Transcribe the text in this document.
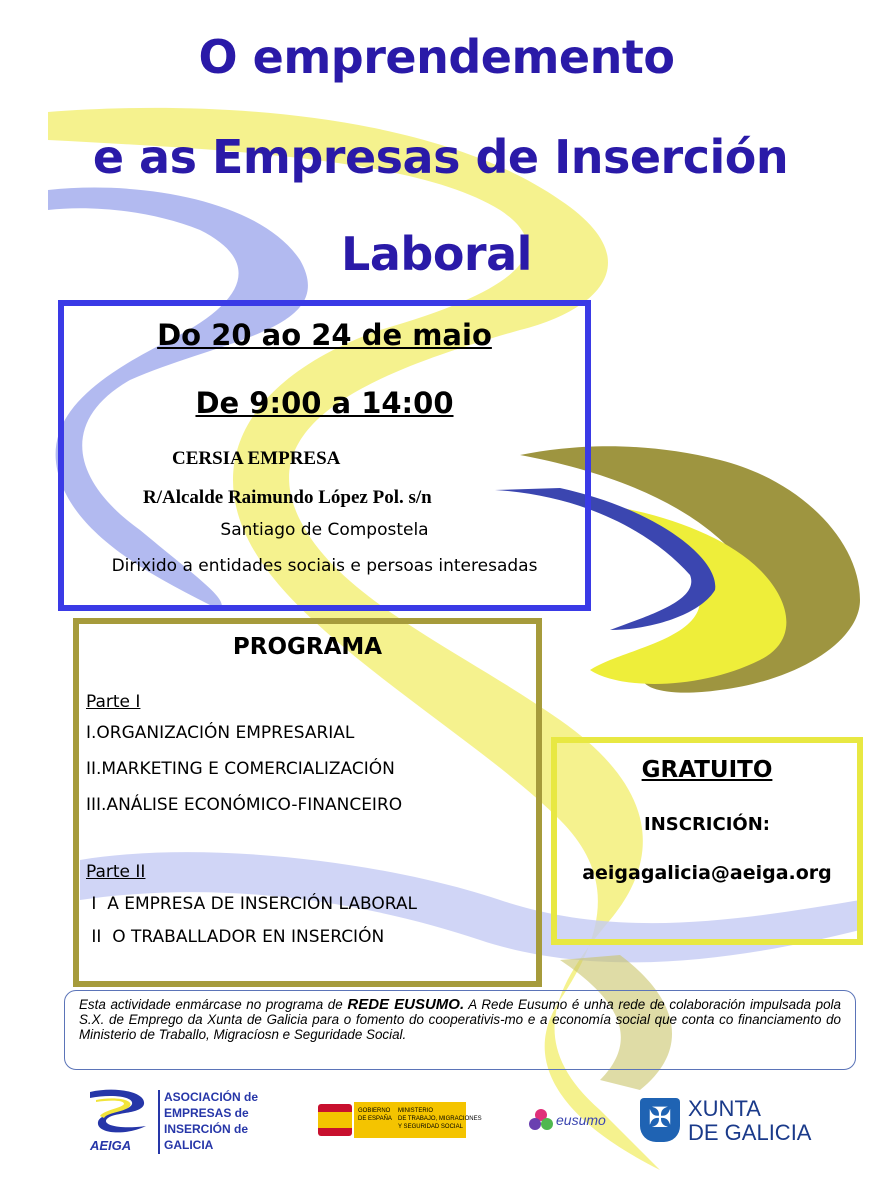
O emprendemento
e as Empresas de Inserción
Laboral
Do 20 ao 24 de maio
De 9:00 a 14:00
CERSIA EMPRESA
R/Alcalde Raimundo López Pol. s/n
Santiago de Compostela
Dirixido a entidades sociais e persoas interesadas
PROGRAMA
Parte I
I.ORGANIZACIÓN EMPRESARIAL
II.MARKETING E COMERCIALIZACIÓN
III.ANÁLISE ECONÓMICO-FINANCEIRO
Parte II
I  A EMPRESA DE INSERCIÓN LABORAL
II  O TRABALLADOR EN INSERCIÓN
GRATUITO
INSCRICIÓN:
aeigagalicia@aeiga.org
Esta actividade enmárcase no programa de REDE EUSUMO. A Rede Eusumo é unha rede de colaboración impulsada pola S.X. de Emprego da Xunta de Galicia para o fomento do cooperativis-mo e a economía social que conta co financiamento do Ministerio de Traballo, Migracíosn e Seguridade Social.
AEIGA
ASOCIACIÓN de
EMPRESAS de
INSERCIÓN de
GALICIA
GOBIERNO
DE ESPAÑA
MINISTERIO
DE TRABAJO, MIGRACIONES
Y SEGURIDAD SOCIAL	eusumo ✠ XUNTA
DE GALICIA
